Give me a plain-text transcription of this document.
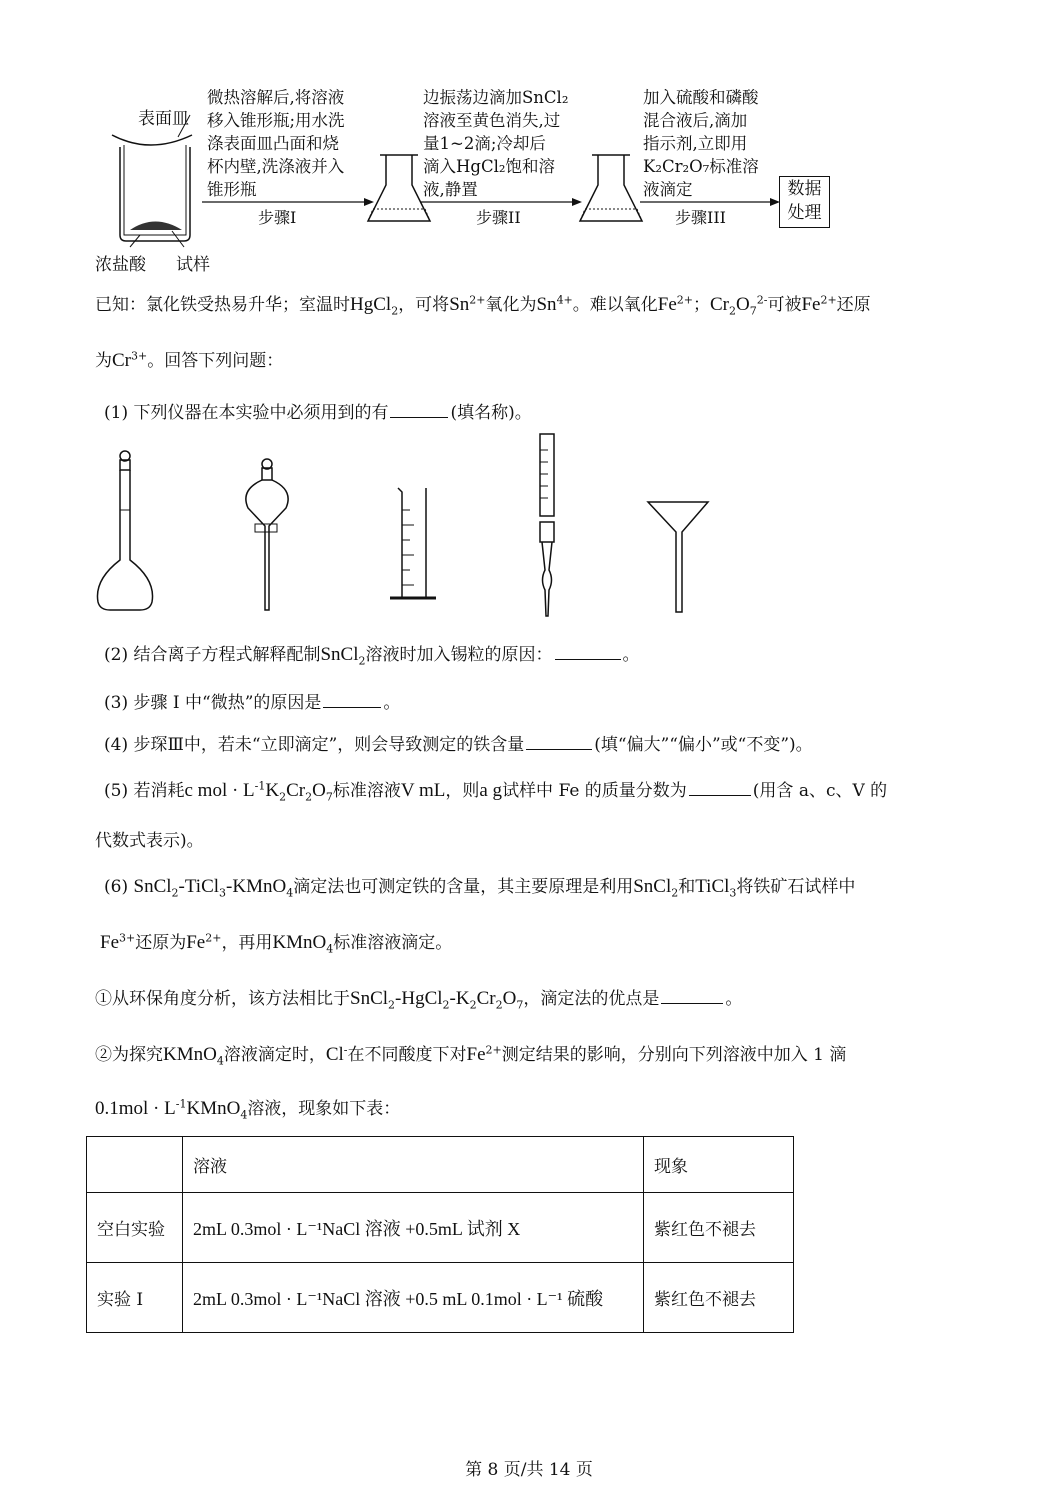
表面皿
浓盐酸 试样
微热溶解后,将溶液
移入锥形瓶;用水洗
涤表面皿凸面和烧
杯内壁,洗涤液并入
锥形瓶
步骤I
边振荡边滴加SnCl₂
溶液至黄色消失,过
量1~2滴;冷却后
滴入HgCl₂饱和溶
液,静置
步骤II
加入硫酸和磷酸
混合液后,滴加
指示剂,立即用
K₂Cr₂O₇标准溶
液滴定
步骤III
数据
处理
已知：氯化铁受热易升华；室温时HgCl$_2$，可将$Sn^{2+}$氧化为$Sn^{4+}$。难以氧化$Fe^{2+}$；$Cr_2O_7^{2-}$可被$Fe^{2+}$还原
为$Cr^{3+}$。回答下列问题：
(1) 下列仪器在本实验中必须用到的有	(填名称)。
(2) 结合离子方程式解释配制SnCl$_2$溶液时加入锡粒的原因：	。
(3) 步骤 I 中“微热”的原因是	。
(4) 步琛Ⅲ中，若未“立即滴定”，则会导致测定的铁含量	(填“偏大”“偏小”或“不变”)。
(5) 若消耗c mol · $L^{-1}K_2Cr_2O_7$标准溶液V mL，则a g试样中 Fe 的质量分数为	(用含 a、c、V 的
代数式表示)。
(6) SnCl$_2$-TiCl$_3$-KMnO$_4$滴定法也可测定铁的含量，其主要原理是利用SnCl$_2$和TiCl$_3$将铁矿石试样中
$Fe^{3+}$还原为$Fe^{2+}$，再用KMnO$_4$标准溶液滴定。
①从环保角度分析，该方法相比于$SnCl_2-HgCl_2-K_2Cr_2O_7$，滴定法的优点是	。
②为探究KMnO$_4$溶液滴定时，Cl-在不同酸度下对$Fe^{2+}$测定结果的影响，分别向下列溶液中加入 1 滴
$0.1mol \cdot L^{-1}KMnO_4$溶液，现象如下表：
	溶液	现象
空白实验	2mL 0.3mol · L⁻¹NaCl 溶液 +0.5mL 试剂 X	紫红色不褪去
实验 I	2mL 0.3mol · L⁻¹NaCl 溶液 +0.5 mL 0.1mol · L⁻¹ 硫酸	紫红色不褪去
第 8 页/共 14 页
